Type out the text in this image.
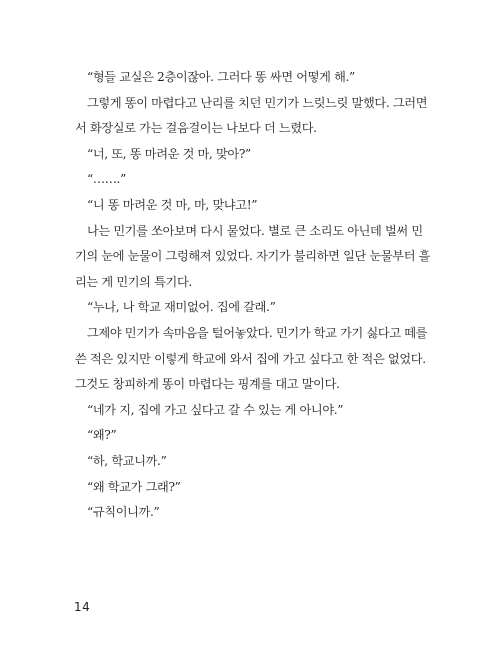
“형들 교실은 2층이잖아. 그러다 똥 싸면 어떻게 해.”
그렇게 똥이 마렵다고 난리를 치던 민기가 느릿느릿 말했다. 그러면
서 화장실로 가는 걸음걸이는 나보다 더 느렸다.
“너, 또, 똥 마려운 것 마, 맞아?”
“…….”
“니 똥 마려운 것 마, 마, 맞냐고!”
나는 민기를 쏘아보며 다시 물었다. 별로 큰 소리도 아닌데 벌써 민
기의 눈에 눈물이 그렁해져 있었다. 자기가 불리하면 일단 눈물부터 흘
리는 게 민기의 특기다.
“누나, 나 학교 재미없어. 집에 갈래.”
그제야 민기가 속마음을 털어놓았다. 민기가 학교 가기 싫다고 떼를
쓴 적은 있지만 이렇게 학교에 와서 집에 가고 싶다고 한 적은 없었다.
그것도 창피하게 똥이 마렵다는 핑계를 대고 말이다.
“네가 지, 집에 가고 싶다고 갈 수 있는 게 아니야.”
“왜?”
“하, 학교니까.”
“왜 학교가 그래?”
“규칙이니까.”
14
